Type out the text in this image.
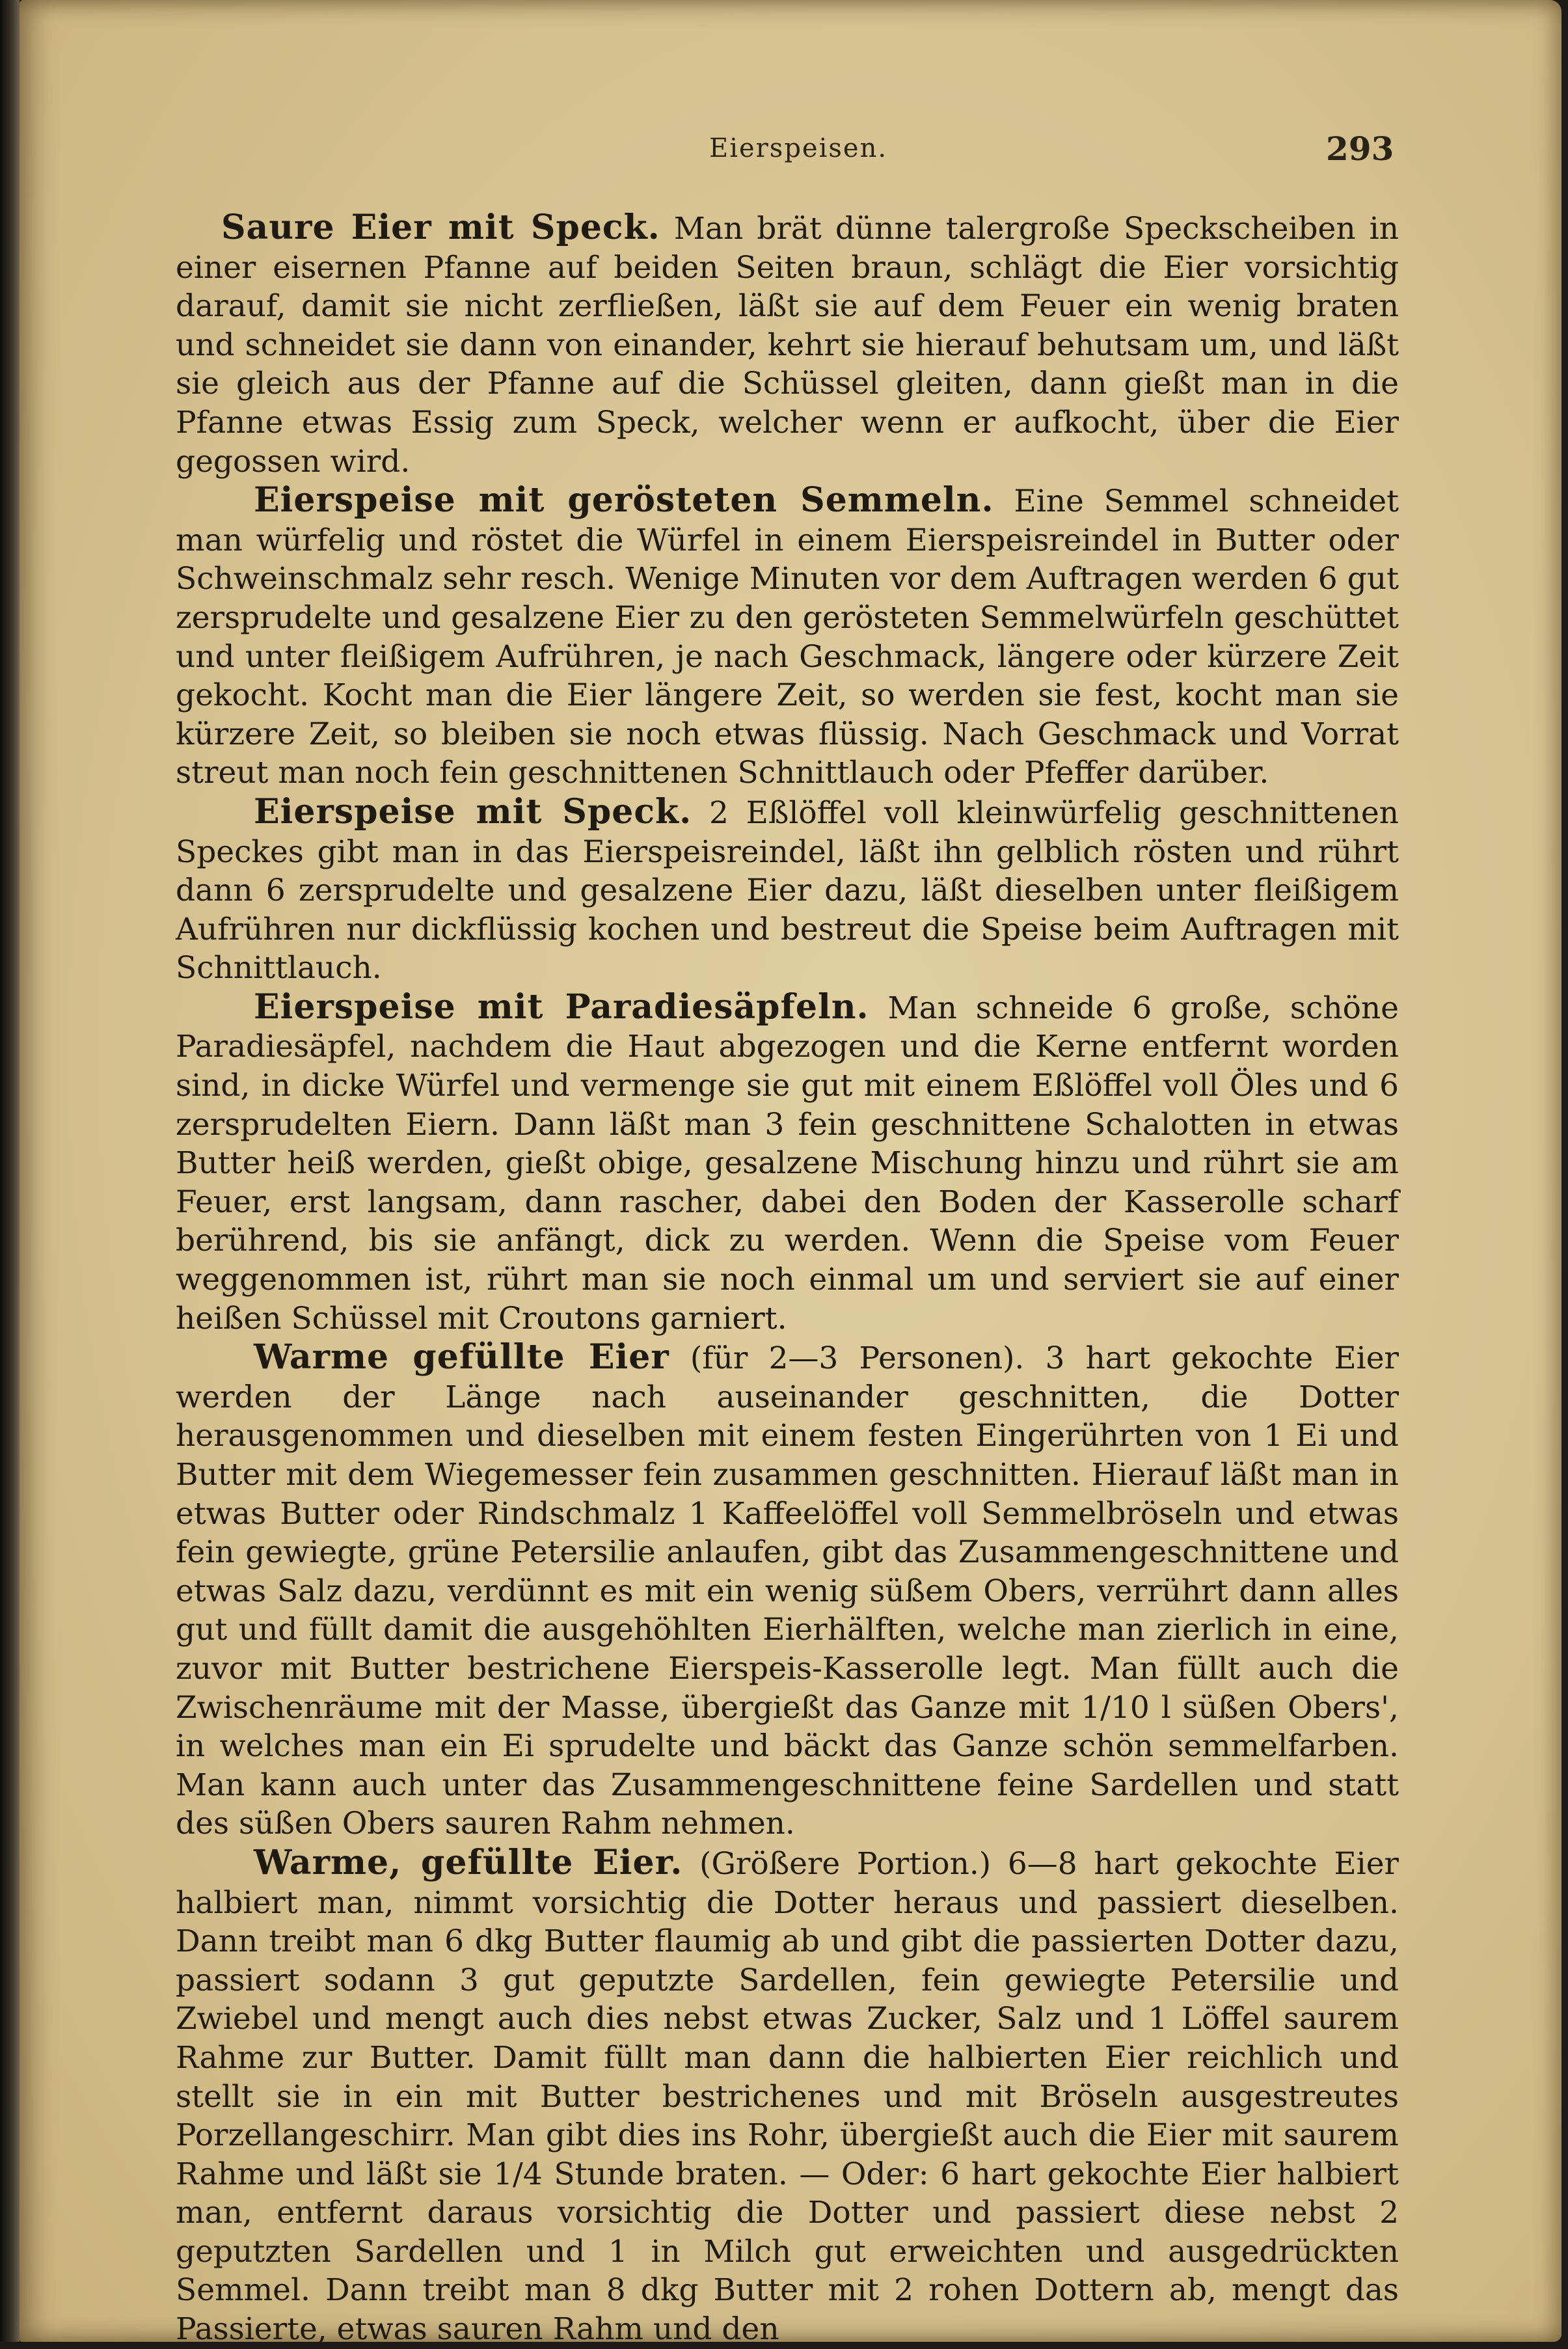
Eierspeisen.	293

Saure Eier mit Speck. Man brät dünne talergroße Speckscheiben in einer eisernen Pfanne auf beiden Seiten braun, schlägt die Eier vorsichtig darauf, damit sie nicht zerfließen, läßt sie auf dem Feuer ein wenig braten und schneidet sie dann von einander, kehrt sie hierauf behutsam um, und läßt sie gleich aus der Pfanne auf die Schüssel gleiten, dann gießt man in die Pfanne etwas Essig zum Speck, welcher wenn er aufkocht, über die Eier gegossen wird.

Eierspeise mit gerösteten Semmeln. Eine Semmel schneidet man würfelig und röstet die Würfel in einem Eierspeisreindel in Butter oder Schweinschmalz sehr resch. Wenige Minuten vor dem Auftragen werden 6 gut zersprudelte und gesalzene Eier zu den gerösteten Semmelwürfeln geschüttet und unter fleißigem Aufrühren, je nach Geschmack, längere oder kürzere Zeit gekocht. Kocht man die Eier längere Zeit, so werden sie fest, kocht man sie kürzere Zeit, so bleiben sie noch etwas flüssig. Nach Geschmack und Vorrat streut man noch fein geschnittenen Schnittlauch oder Pfeffer darüber.

Eierspeise mit Speck. 2 Eßlöffel voll kleinwürfelig geschnittenen Speckes gibt man in das Eierspeisreindel, läßt ihn gelblich rösten und rührt dann 6 zersprudelte und gesalzene Eier dazu, läßt dieselben unter fleißigem Aufrühren nur dickflüssig kochen und bestreut die Speise beim Auftragen mit Schnittlauch.

Eierspeise mit Paradiesäpfeln. Man schneide 6 große, schöne Paradiesäpfel, nachdem die Haut abgezogen und die Kerne entfernt worden sind, in dicke Würfel und vermenge sie gut mit einem Eßlöffel voll Öles und 6 zersprudelten Eiern. Dann läßt man 3 fein geschnittene Schalotten in etwas Butter heiß werden, gießt obige, gesalzene Mischung hinzu und rührt sie am Feuer, erst langsam, dann rascher, dabei den Boden der Kasserolle scharf berührend, bis sie anfängt, dick zu werden. Wenn die Speise vom Feuer weggenommen ist, rührt man sie noch einmal um und serviert sie auf einer heißen Schüssel mit Croutons garniert.

Warme gefüllte Eier (für 2—3 Personen). 3 hart gekochte Eier werden der Länge nach auseinander geschnitten, die Dotter herausgenommen und dieselben mit einem festen Eingerührten von 1 Ei und Butter mit dem Wiegemesser fein zusammen geschnitten. Hierauf läßt man in etwas Butter oder Rindschmalz 1 Kaffeelöffel voll Semmelbröseln und etwas fein gewiegte, grüne Petersilie anlaufen, gibt das Zusammengeschnittene und etwas Salz dazu, verdünnt es mit ein wenig süßem Obers, verrührt dann alles gut und füllt damit die ausgehöhlten Eierhälften, welche man zierlich in eine, zuvor mit Butter bestrichene Eierspeis-Kasserolle legt. Man füllt auch die Zwischenräume mit der Masse, übergießt das Ganze mit 1/10 l süßen Obers', in welches man ein Ei sprudelte und bäckt das Ganze schön semmelfarben. Man kann auch unter das Zusammengeschnittene feine Sardellen und statt des süßen Obers sauren Rahm nehmen.

Warme, gefüllte Eier. (Größere Portion.) 6—8 hart gekochte Eier halbiert man, nimmt vorsichtig die Dotter heraus und passiert dieselben. Dann treibt man 6 dkg Butter flaumig ab und gibt die passierten Dotter dazu, passiert sodann 3 gut geputzte Sardellen, fein gewiegte Petersilie und Zwiebel und mengt auch dies nebst etwas Zucker, Salz und 1 Löffel saurem Rahme zur Butter. Damit füllt man dann die halbierten Eier reichlich und stellt sie in ein mit Butter bestrichenes und mit Bröseln ausgestreutes Porzellangeschirr. Man gibt dies ins Rohr, übergießt auch die Eier mit saurem Rahme und läßt sie 1/4 Stunde braten. — Oder: 6 hart gekochte Eier halbiert man, entfernt daraus vorsichtig die Dotter und passiert diese nebst 2 geputzten Sardellen und 1 in Milch gut erweichten und ausgedrückten Semmel. Dann treibt man 8 dkg Butter mit 2 rohen Dottern ab, mengt das Passierte, etwas sauren Rahm und den
